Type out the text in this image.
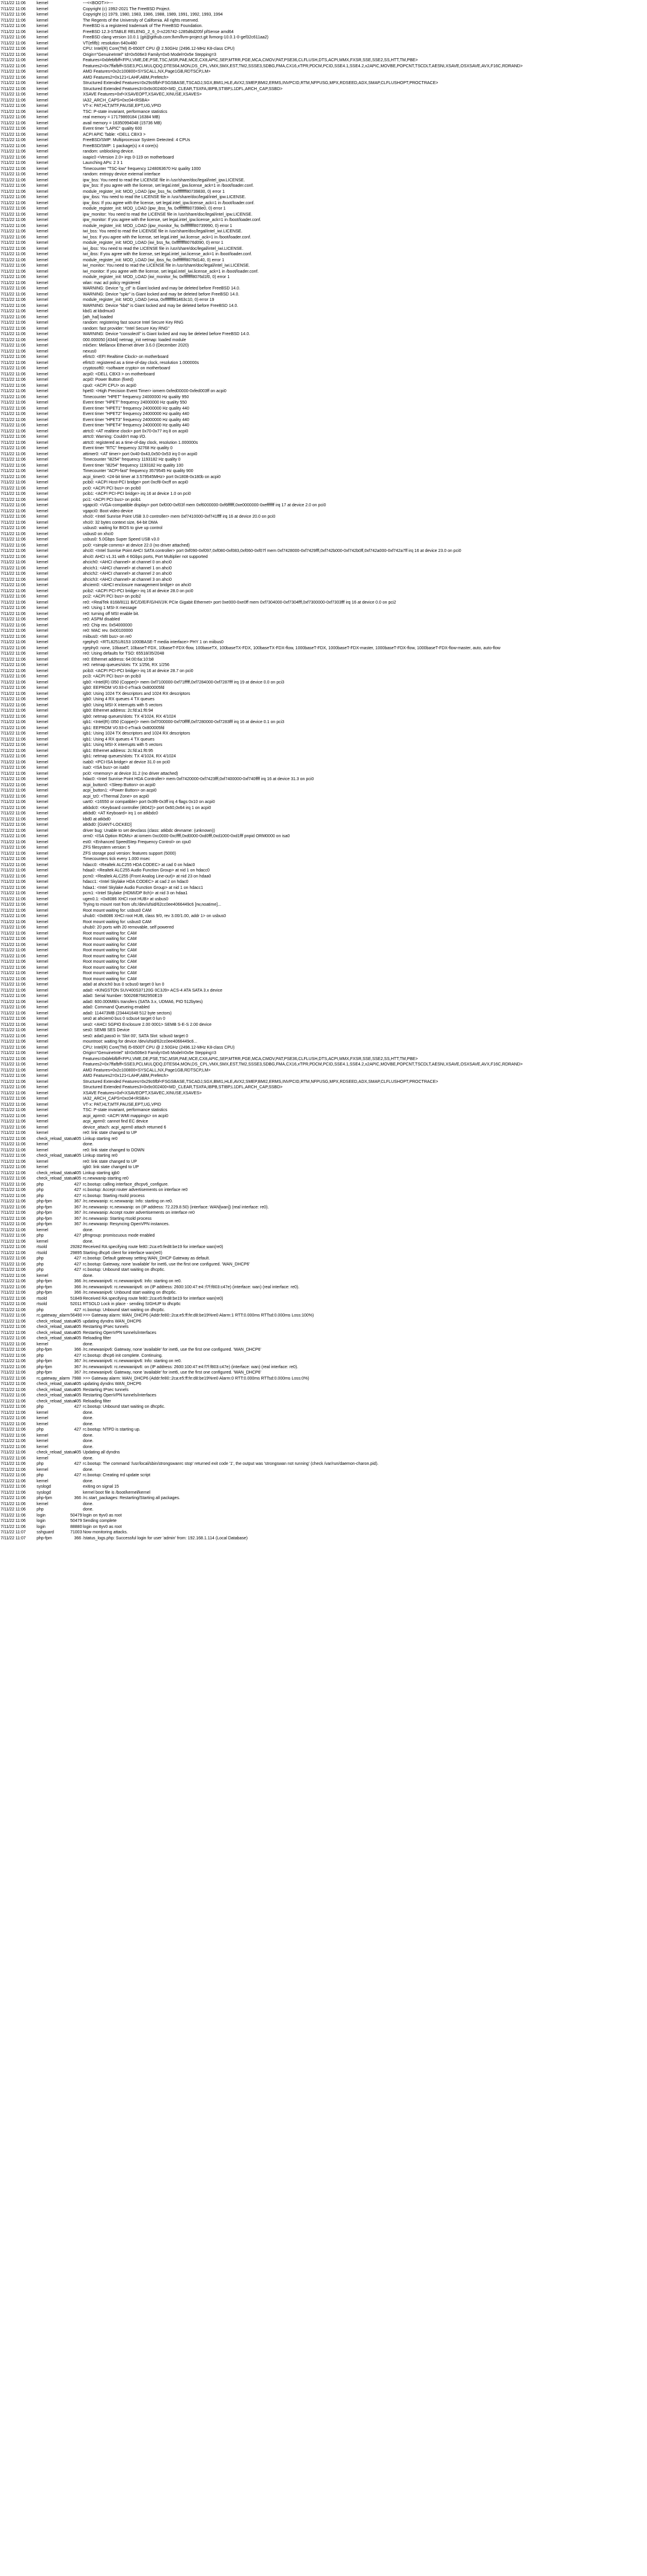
7/11/22 11:06	kernel	---<<BOOT>>---
7/11/22 11:06	kernel	Copyright (c) 1992-2021 The FreeBSD Project.
7/11/22 11:06	kernel	Copyright (c) 1979, 1980, 1983, 1986, 1988, 1989, 1991, 1992, 1993, 1994
7/11/22 11:06	kernel	The Regents of the University of California. All rights reserved.
7/11/22 11:06	kernel	FreeBSD is a registered trademark of The FreeBSD Foundation.
7/11/22 11:06	kernel	FreeBSD 12.3-STABLE RELENG_2_6_0-n226742-1285d6d205f pfSense amd64
7/11/22 11:06	kernel	FreeBSD clang version 10.0.1 (git@github.com:llvm/llvm-project.git llvmorg-10.0.1-0-gef32c611aa2)
7/11/22 11:06	kernel	VT(efifb): resolution 640x480
7/11/22 11:06	kernel	CPU: Intel(R) Core(TM) i5-6500T CPU @ 2.50GHz (2496.12-MHz K8-class CPU)
7/11/22 11:06	kernel	Origin="GenuineIntel" Id=0x506e3 Family=0x6 Model=0x5e Stepping=3
7/11/22 11:06	kernel	Features=0xbfebfbff<FPU,VME,DE,PSE,TSC,MSR,PAE,MCE,CX8,APIC,SEP,MTRR,PGE,MCA,CMOV,PAT,PSE36,CLFLUSH,DTS,ACPI,MMX,FXSR,SSE,SSE2,SS,HTT,TM,PBE>
7/11/22 11:06	kernel	Features2=0x7ffafbff<SSE3,PCLMULQDQ,DTES64,MON,DS_CPL,VMX,SMX,EST,TM2,SSSE3,SDBG,FMA,CX16,xTPR,PDCM,PCID,SSE4.1,SSE4.2,x2APIC,MOVBE,POPCNT,TSCDLT,AESNI,XSAVE,OSXSAVE,AVX,F16C,RDRAND>
7/11/22 11:06	kernel	AMD Features=0x2c100800<SYSCALL,NX,Page1GB,RDTSCP,LM>
7/11/22 11:06	kernel	AMD Features2=0x121<LAHF,ABM,Prefetch>
7/11/22 11:06	kernel	Structured Extended Features=0x29c6fbf<FSGSBASE,TSCADJ,SGX,BMI1,HLE,AVX2,SMEP,BMI2,ERMS,INVPCID,RTM,NFPUSG,MPX,RDSEED,ADX,SMAP,CLFLUSHOPT,PROCTRACE>
7/11/22 11:06	kernel	Structured Extended Features3=0x9c002400<MD_CLEAR,TSXFA,IBPB,STIBP,L1DFL,ARCH_CAP,SSBD>
7/11/22 11:06	kernel	XSAVE Features=0xf<XSAVEOPT,XSAVEC,XINUSE,XSAVES>
7/11/22 11:06	kernel	IA32_ARCH_CAPS=0xc04<RSBA>
7/11/22 11:06	kernel	VT-x: PAT,HLT,MTF,PAUSE,EPT,UG,VPID
7/11/22 11:06	kernel	TSC: P-state invariant, performance statistics
7/11/22 11:06	kernel	real memory = 17179869184 (16384 MB)
7/11/22 11:06	kernel	avail memory = 16350994048 (15736 MB)
7/11/22 11:06	kernel	Event timer "LAPIC" quality 600
7/11/22 11:06	kernel	ACPI APIC Table: <DELL CBX3 >
7/11/22 11:06	kernel	FreeBSD/SMP: Multiprocessor System Detected: 4 CPUs
7/11/22 11:06	kernel	FreeBSD/SMP: 1 package(s) x 4 core(s)
7/11/22 11:06	kernel	random: unblocking device.
7/11/22 11:06	kernel	ioapic0 <Version 2.0> irqs 0-119 on motherboard
7/11/22 11:06	kernel	Launching APs: 2 3 1
7/11/22 11:06	kernel	Timecounter "TSC-low" frequency 1248063670 Hz quality 1000
7/11/22 11:06	kernel	random: entropy device external interface
7/11/22 11:06	kernel	ipw_bss: You need to read the LICENSE file in /usr/share/doc/legal/intel_ipw.LICENSE.
7/11/22 11:06	kernel	ipw_bss: If you agree with the license, set legal.intel_ipw.license_ack=1 in /boot/loader.conf.
7/11/22 11:06	kernel	module_register_init: MOD_LOAD (ipw_bss_fw, 0xffffffff80739830, 0) error 1
7/11/22 11:06	kernel	ipw_ibss: You need to read the LICENSE file in /usr/share/doc/legal/intel_ipw.LICENSE.
7/11/22 11:06	kernel	ipw_ibss: If you agree with the license, set legal.intel_ipw.license_ack=1 in /boot/loader.conf.
7/11/22 11:06	kernel	module_register_init: MOD_LOAD (ipw_ibss_fw, 0xffffffff807398e0, 0) error 1
7/11/22 11:06	kernel	ipw_monitor: You need to read the LICENSE file in /usr/share/doc/legal/intel_ipw.LICENSE.
7/11/22 11:06	kernel	ipw_monitor: If you agree with the license, set legal.intel_ipw.license_ack=1 in /boot/loader.conf.
7/11/22 11:06	kernel	module_register_init: MOD_LOAD (ipw_monitor_fw, 0xffffffff80739990, 0) error 1
7/11/22 11:06	kernel	iwi_bss: You need to read the LICENSE file in /usr/share/doc/legal/intel_iwi.LICENSE.
7/11/22 11:06	kernel	iwi_bss: If you agree with the license, set legal.intel_iwi.license_ack=1 in /boot/loader.conf.
7/11/22 11:06	kernel	module_register_init: MOD_LOAD (iwi_bss_fw, 0xffffffff8076d090, 0) error 1
7/11/22 11:06	kernel	iwi_ibss: You need to read the LICENSE file in /usr/share/doc/legal/intel_iwi.LICENSE.
7/11/22 11:06	kernel	iwi_ibss: If you agree with the license, set legal.intel_iwi.license_ack=1 in /boot/loader.conf.
7/11/22 11:06	kernel	module_register_init: MOD_LOAD (iwi_ibss_fw, 0xffffffff8076d140, 0) error 1
7/11/22 11:06	kernel	iwi_monitor: You need to read the LICENSE file in /usr/share/doc/legal/intel_iwi.LICENSE.
7/11/22 11:06	kernel	iwi_monitor: If you agree with the license, set legal.intel_iwi.license_ack=1 in /boot/loader.conf.
7/11/22 11:06	kernel	module_register_init: MOD_LOAD (iwi_monitor_fw, 0xffffffff8076d1f0, 0) error 1
7/11/22 11:06	kernel	wlan: mac acl policy registered
7/11/22 11:06	kernel	WARNING: Device "g_ctl" is Giant locked and may be deleted before FreeBSD 14.0.
7/11/22 11:06	kernel	WARNING: Device "spkr" is Giant locked and may be deleted before FreeBSD 14.0.
7/11/22 11:06	kernel	module_register_init: MOD_LOAD (vesa, 0xffffffff81463c10, 0) error 19
7/11/22 11:06	kernel	WARNING: Device "kbd" is Giant locked and may be deleted before FreeBSD 14.0.
7/11/22 11:06	kernel	kbd1 at kbdmux0
7/11/22 11:06	kernel	[ath_hal] loaded
7/11/22 11:06	kernel	random: registering fast source Intel Secure Key RNG
7/11/22 11:06	kernel	random: fast provider: "Intel Secure Key RNG"
7/11/22 11:06	kernel	WARNING: Device "consolectl" is Giant locked and may be deleted before FreeBSD 14.0.
7/11/22 11:06	kernel	000.000050 [4344] netmap_init netmap: loaded module
7/11/22 11:06	kernel	mlx5en: Mellanox Ethernet driver 3.6.0 (December 2020)
7/11/22 11:06	kernel	nexus0
7/11/22 11:06	kernel	efirtc0: <EFI Realtime Clock> on motherboard
7/11/22 11:06	kernel	efirtc0: registered as a time-of-day clock, resolution 1.000000s
7/11/22 11:06	kernel	cryptosoft0: <software crypto> on motherboard
7/11/22 11:06	kernel	acpi0: <DELL CBX3 > on motherboard
7/11/22 11:06	kernel	acpi0: Power Button (fixed)
7/11/22 11:06	kernel	cpu0: <ACPI CPU> on acpi0
7/11/22 11:06	kernel	hpet0: <High Precision Event Timer> iomem 0xfed00000-0xfed003ff on acpi0
7/11/22 11:06	kernel	Timecounter "HPET" frequency 24000000 Hz quality 950
7/11/22 11:06	kernel	Event timer "HPET" frequency 24000000 Hz quality 550
7/11/22 11:06	kernel	Event timer "HPET1" frequency 24000000 Hz quality 440
7/11/22 11:06	kernel	Event timer "HPET2" frequency 24000000 Hz quality 440
7/11/22 11:06	kernel	Event timer "HPET3" frequency 24000000 Hz quality 440
7/11/22 11:06	kernel	Event timer "HPET4" frequency 24000000 Hz quality 440
7/11/22 11:06	kernel	atrtc0: <AT realtime clock> port 0x70-0x77 irq 8 on acpi0
7/11/22 11:06	kernel	atrtc0: Warning: Couldn't map I/O.
7/11/22 11:06	kernel	atrtc0: registered as a time-of-day clock, resolution 1.000000s
7/11/22 11:06	kernel	Event timer "RTC" frequency 32768 Hz quality 0
7/11/22 11:06	kernel	attimer0: <AT timer> port 0x40-0x43,0x50-0x53 irq 0 on acpi0
7/11/22 11:06	kernel	Timecounter "i8254" frequency 1193182 Hz quality 0
7/11/22 11:06	kernel	Event timer "i8254" frequency 1193182 Hz quality 100
7/11/22 11:06	kernel	Timecounter "ACPI-fast" frequency 3579545 Hz quality 900
7/11/22 11:06	kernel	acpi_timer0: <24-bit timer at 3.579545MHz> port 0x1808-0x180b on acpi0
7/11/22 11:06	kernel	pcib0: <ACPI Host-PCI bridge> port 0xcf8-0xcff on acpi0
7/11/22 11:06	kernel	pci0: <ACPI PCI bus> on pcib0
7/11/22 11:06	kernel	pcib1: <ACPI PCI-PCI bridge> irq 16 at device 1.0 on pci0
7/11/22 11:06	kernel	pci1: <ACPI PCI bus> on pcib1
7/11/22 11:06	kernel	vgapci0: <VGA-compatible display> port 0xf000-0xf03f mem 0xf6000000-0xf6ffffff,0xe0000000-0xefffffff irq 17 at device 2.0 on pci0
7/11/22 11:06	kernel	vgapci0: Boot video device
7/11/22 11:06	kernel	xhci0: <Intel Sunrise Point USB 3.0 controller> mem 0xf7410000-0xf741ffff irq 16 at device 20.0 on pci0
7/11/22 11:06	kernel	xhci0: 32 bytes context size, 64-bit DMA
7/11/22 11:06	kernel	usbus0: waiting for BIOS to give up control
7/11/22 11:06	kernel	usbus0 on xhci0
7/11/22 11:06	kernel	usbus0: 5.0Gbps Super Speed USB v3.0
7/11/22 11:06	kernel	pci0: <simple comms> at device 22.0 (no driver attached)
7/11/22 11:06	kernel	ahci0: <Intel Sunrise Point AHCI SATA controller> port 0xf090-0xf097,0xf080-0xf083,0xf060-0xf07f mem 0xf7428000-0xf7429fff,0xf742b000-0xf742b0ff,0xf742a000-0xf742a7ff irq 16 at device 23.0 on pci0
7/11/22 11:06	kernel	ahci0: AHCI v1.31 with 4 6Gbps ports, Port Multiplier not supported
7/11/22 11:06	kernel	ahcich0: <AHCI channel> at channel 0 on ahci0
7/11/22 11:06	kernel	ahcich1: <AHCI channel> at channel 1 on ahci0
7/11/22 11:06	kernel	ahcich2: <AHCI channel> at channel 2 on ahci0
7/11/22 11:06	kernel	ahcich3: <AHCI channel> at channel 3 on ahci0
7/11/22 11:06	kernel	ahciem0: <AHCI enclosure management bridge> on ahci0
7/11/22 11:06	kernel	pcib2: <ACPI PCI-PCI bridge> irq 16 at device 28.0 on pci0
7/11/22 11:06	kernel	pci2: <ACPI PCI bus> on pcib2
7/11/22 11:06	kernel	re0: <RealTek 8168/8111 B/C/D/E/F/G/H/I/J/K PCIe Gigabit Ethernet> port 0xe000-0xe0ff mem 0xf7304000-0xf7304fff,0xf7300000-0xf7303fff irq 16 at device 0.0 on pci2
7/11/22 11:06	kernel	re0: Using 1 MSI-X message
7/11/22 11:06	kernel	re0: turning off MSI enable bit.
7/11/22 11:06	kernel	re0: ASPM disabled
7/11/22 11:06	kernel	re0: Chip rev. 0x54000000
7/11/22 11:06	kernel	re0: MAC rev. 0x00100000
7/11/22 11:06	kernel	miibus0: <MII bus> on re0
7/11/22 11:06	kernel	rgephy0: <RTL8251/8153 1000BASE-T media interface> PHY 1 on miibus0
7/11/22 11:06	kernel	rgephy0: none, 10baseT, 10baseT-FDX, 10baseT-FDX-flow, 100baseTX, 100baseTX-FDX, 100baseTX-FDX-flow, 1000baseT-FDX, 1000baseT-FDX-master, 1000baseT-FDX-flow, 1000baseT-FDX-flow-master, auto, auto-flow
7/11/22 11:06	kernel	re0: Using defaults for TSO: 65518/35/2048
7/11/22 11:06	kernel	re0: Ethernet address: 64:00:6a:10:b8
7/11/22 11:06	kernel	re0: netmap queues/slots: TX 1/256, RX 1/256
7/11/22 11:06	kernel	pcib3: <ACPI PCI-PCI bridge> irq 16 at device 28.7 on pci0
7/11/22 11:06	kernel	pci3: <ACPI PCI bus> on pcib3
7/11/22 11:06	kernel	igb0: <Intel(R) I350 (Copper)> mem 0xf7100000-0xf71fffff,0xf7284000-0xf7287fff irq 19 at device 0.0 on pci3
7/11/22 11:06	kernel	igb0: EEPROM V0.93-0 eTrack 0x800005fd
7/11/22 11:06	kernel	igb0: Using 1024 TX descriptors and 1024 RX descriptors
7/11/22 11:06	kernel	igb0: Using 4 RX queues 4 TX queues
7/11/22 11:06	kernel	igb0: Using MSI-X interrupts with 5 vectors
7/11/22 11:06	kernel	igb0: Ethernet address: 2c:fd:a1:f6:94
7/11/22 11:06	kernel	igb0: netmap queues/slots: TX 4/1024, RX 4/1024
7/11/22 11:06	kernel	igb1: <Intel(R) I350 (Copper)> mem 0xf7000000-0xf70fffff,0xf7280000-0xf7283fff irq 16 at device 0.1 on pci3
7/11/22 11:06	kernel	igb1: EEPROM V0.93-0 eTrack 0x800005fd
7/11/22 11:06	kernel	igb1: Using 1024 TX descriptors and 1024 RX descriptors
7/11/22 11:06	kernel	igb1: Using 4 RX queues 4 TX queues
7/11/22 11:06	kernel	igb1: Using MSI-X interrupts with 5 vectors
7/11/22 11:06	kernel	igb1: Ethernet address: 2c:fd:a1:f6:95
7/11/22 11:06	kernel	igb1: netmap queues/slots: TX 4/1024, RX 4/1024
7/11/22 11:06	kernel	isab0: <PCI-ISA bridge> at device 31.0 on pci0
7/11/22 11:06	kernel	isa0: <ISA bus> on isab0
7/11/22 11:06	kernel	pci0: <memory> at device 31.2 (no driver attached)
7/11/22 11:06	kernel	hdac0: <Intel Sunrise Point HDA Controller> mem 0xf7420000-0xf7423fff,0xf7400000-0xf740ffff irq 16 at device 31.3 on pci0
7/11/22 11:06	kernel	acpi_button0: <Sleep Button> on acpi0
7/11/22 11:06	kernel	acpi_button1: <Power Button> on acpi0
7/11/22 11:06	kernel	acpi_tz0: <Thermal Zone> on acpi0
7/11/22 11:06	kernel	uart0: <16550 or compatible> port 0x3f8-0x3ff irq 4 flags 0x10 on acpi0
7/11/22 11:06	kernel	atkbdc0: <Keyboard controller (i8042)> port 0x60,0x64 irq 1 on acpi0
7/11/22 11:06	kernel	atkbd0: <AT Keyboard> irq 1 on atkbdc0
7/11/22 11:06	kernel	kbd0 at atkbd0
7/11/22 11:06	kernel	atkbd0: [GIANT-LOCKED]
7/11/22 11:06	kernel	driver bug: Unable to set devclass (class: atkbdc devname: (unknown))
7/11/22 11:06	kernel	orm0: <ISA Option ROMs> at iomem 0xc0000-0xcffff,0xd0000-0xd0fff,0xd1000-0xd1fff pnpid ORM0000 on isa0
7/11/22 11:06	kernel	est0: <Enhanced SpeedStep Frequency Control> on cpu0
7/11/22 11:06	kernel	ZFS filesystem version: 5
7/11/22 11:06	kernel	ZFS storage pool version: features support (5000)
7/11/22 11:06	kernel	Timecounters tick every 1.000 msec
7/11/22 11:06	kernel	hdacc0: <Realtek ALC255 HDA CODEC> at cad 0 on hdac0
7/11/22 11:06	kernel	hdaa0: <Realtek ALC255 Audio Function Group> at nid 1 on hdacc0
7/11/22 11:06	kernel	pcm0: <Realtek ALC255 (Front Analog Line-out)> at nid 23 on hdaa0
7/11/22 11:06	kernel	hdacc1: <Intel Skylake HDA CODEC> at cad 2 on hdac0
7/11/22 11:06	kernel	hdaa1: <Intel Skylake Audio Function Group> at nid 1 on hdacc1
7/11/22 11:06	kernel	pcm1: <Intel Skylake (HDMI/DP 8ch)> at nid 3 on hdaa1
7/11/22 11:06	kernel	ugen0.1: <0x8086 XHCI root HUB> at usbus0
7/11/22 11:06	kernel	Trying to mount root from ufs:/dev/ufsid/62cc0ee4066449c6 [rw,noatime]...
7/11/22 11:06	kernel	Root mount waiting for: usbus0 CAM
7/11/22 11:06	kernel	uhub0: <0x8086 XHCI root HUB, class 9/0, rev 3.00/1.00, addr 1> on usbus0
7/11/22 11:06	kernel	Root mount waiting for: usbus0 CAM
7/11/22 11:06	kernel	uhub0: 20 ports with 20 removable, self powered
7/11/22 11:06	kernel	Root mount waiting for: CAM
7/11/22 11:06	kernel	Root mount waiting for: CAM
7/11/22 11:06	kernel	Root mount waiting for: CAM
7/11/22 11:06	kernel	Root mount waiting for: CAM
7/11/22 11:06	kernel	Root mount waiting for: CAM
7/11/22 11:06	kernel	Root mount waiting for: CAM
7/11/22 11:06	kernel	Root mount waiting for: CAM
7/11/22 11:06	kernel	Root mount waiting for: CAM
7/11/22 11:06	kernel	Root mount waiting for: CAM
7/11/22 11:06	kernel	ada0 at ahcich0 bus 0 scbus0 target 0 lun 0
7/11/22 11:06	kernel	ada0: <KINGSTON SUV400S37120G 0C3J9> ACS-4 ATA SATA 3.x device
7/11/22 11:06	kernel	ada0: Serial Number: 50026B7682950E19
7/11/22 11:06	kernel	ada0: 600.000MB/s transfers (SATA 3.x, UDMA6, PIO 512bytes)
7/11/22 11:06	kernel	ada0: Command Queueing enabled
7/11/22 11:06	kernel	ada0: 114473MB (234441648 512 byte sectors)
7/11/22 11:06	kernel	ses0 at ahciem0 bus 0 scbus4 target 0 lun 0
7/11/22 11:06	kernel	ses0: <AHCI SGPIO Enclosure 2.00 0001> SEMB S-E-S 2.00 device
7/11/22 11:06	kernel	ses0: SEMB SES Device
7/11/22 11:06	kernel	ses0: ada0,pass0 in 'Slot 00', SATA Slot: scbus0 target 0
7/11/22 11:06	kernel	mountroot: waiting for device /dev/ufsid/62cc0ee4066449c6...
7/11/22 11:06	kernel	CPU: Intel(R) Core(TM) i5-6500T CPU @ 2.50GHz (2496.12-MHz K8-class CPU)
7/11/22 11:06	kernel	Origin="GenuineIntel" Id=0x506e3 Family=0x6 Model=0x5e Stepping=3
7/11/22 11:06	kernel	Features=0xbfebfbff<FPU,VME,DE,PSE,TSC,MSR,PAE,MCE,CX8,APIC,SEP,MTRR,PGE,MCA,CMOV,PAT,PSE36,CLFLUSH,DTS,ACPI,MMX,FXSR,SSE,SSE2,SS,HTT,TM,PBE>
7/11/22 11:06	kernel	Features2=0x7ffafbff<SSE3,PCLMULQDQ,DTES64,MON,DS_CPL,VMX,SMX,EST,TM2,SSSE3,SDBG,FMA,CX16,xTPR,PDCM,PCID,SSE4.1,SSE4.2,x2APIC,MOVBE,POPCNT,TSCDLT,AESNI,XSAVE,OSXSAVE,AVX,F16C,RDRAND>
7/11/22 11:06	kernel	AMD Features=0x2c100800<SYSCALL,NX,Page1GB,RDTSCP,LM>
7/11/22 11:06	kernel	AMD Features2=0x121<LAHF,ABM,Prefetch>
7/11/22 11:06	kernel	Structured Extended Features=0x29c6fbf<FSGSBASE,TSCADJ,SGX,BMI1,HLE,AVX2,SMEP,BMI2,ERMS,INVPCID,RTM,NFPUSG,MPX,RDSEED,ADX,SMAP,CLFLUSHOPT,PROCTRACE>
7/11/22 11:06	kernel	Structured Extended Features3=0x9c002400<MD_CLEAR,TSXFA,IBPB,STIBP,L1DFL,ARCH_CAP,SSBD>
7/11/22 11:06	kernel	XSAVE Features=0xf<XSAVEOPT,XSAVEC,XINUSE,XSAVES>
7/11/22 11:06	kernel	IA32_ARCH_CAPS=0xc04<RSBA>
7/11/22 11:06	kernel	VT-x: PAT,HLT,MTF,PAUSE,EPT,UG,VPID
7/11/22 11:06	kernel	TSC: P-state invariant, performance statistics
7/11/22 11:06	kernel	acpi_aprm0: <ACPI WMI mappings> on acpi0
7/11/22 11:06	kernel	acpi_aprm0: cannot find EC device
7/11/22 11:06	kernel	device_attach: acpi_aprm0 attach returned 6
7/11/22 11:06	kernel	re0: link state changed to UP
7/11/22 11:06	check_reload_status
405 Linkup starting re0
7/11/22 11:06	kernel	done.
7/11/22 11:06	kernel	re0: link state changed to DOWN
7/11/22 11:06	check_reload_status
405 Linkup starting re0
7/11/22 11:06	kernel	re0: link state changed to UP
7/11/22 11:06	kernel	igb0: link state changed to UP
7/11/22 11:06	check_reload_status
405 Linkup starting igb0
7/11/22 11:06	check_reload_status
405 rc.newwanip starting re0
7/11/22 11:06	php	427 rc.bootup: calling interface_dhcpv6_configure.
7/11/22 11:06	php	427 rc.bootup: Accept router advertisements on interface re0
7/11/22 11:06	php	427 rc.bootup: Starting rtsold process
7/11/22 11:06	php-fpm	367 /rc.newwanip: rc.newwanip: Info: starting on re0.
7/11/22 11:06	php-fpm	367 /rc.newwanip: rc.newwanip: on (IP address: 72.229.8.50) (interface: WAN[wan]) (real interface: re0).
7/11/22 11:06	php-fpm	367 /rc.newwanip: Accept router advertisements on interface re0
7/11/22 11:06	php-fpm	367 /rc.newwanip: Starting rtsold process
7/11/22 11:06	php-fpm	367 /rc.newwanip: Resyncing OpenVPN instances.
7/11/22 11:06	kernel	done.
7/11/22 11:06	php	427 pfmgroup: promiscuous mode enabled
7/11/22 11:06	kernel	done.
7/11/22 11:06	rtsold	29282 Received RA specifying route fe80::2ca:e5:fed8:be19 for interface wan(re0)
7/11/22 11:06	rtsold	29895 Starting dhcp6 client for interface wan(re0)
7/11/22 11:06	php	427 rc.bootup: Default gateway setting WAN_DHCP Gateway as default.
7/11/22 11:06	php	427 rc.bootup: Gateway, none 'available' for inet6, use the first one configured. 'WAN_DHCP6'
7/11/22 11:06	php	427 rc.bootup: Unbound start waiting on dhcp6c.
7/11/22 11:06	kernel	done.
7/11/22 11:06	php-fpm	366 /rc.newwanipv6: rc.newwanipv6: Info: starting on re0.
7/11/22 11:06	php-fpm	366 /rc.newwanipv6: rc.newwanipv6: on (IP address: 2600:100:47:e4::f7f:f803:c47e) (interface: wan) (real interface: re0).
7/11/22 11:06	php-fpm	366 /rc.newwanipv6: Unbound start waiting on dhcp6c.
7/11/22 11:06	rtsold	51849 Received RA specifying route fe80::2ca:e5:fed8:be19 for interface wan(re0)
7/11/22 11:06	rtsold	52011 RTSOLD Lock in place - sending SIGHUP to dhcp6c
7/11/22 11:06	php	427 rc.bootup: Unbound start waiting on dhcp6c.
7/11/22 11:06	rc.gateway_alarm 56490 >>> Gateway alarm: WAN_DHCP6 (Addr:fe80::2ca:e5:ff:fe:d8:be19%re0 Alarm:1 RTT:0.000ms RTTsd:0.000ms Loss:100%)
7/11/22 11:06	check_reload_status
405 updating dyndns WAN_DHCP6
7/11/22 11:06	check_reload_status
405 Restarting IPsec tunnels
7/11/22 11:06	check_reload_status
405 Restarting OpenVPN tunnels/interfaces
7/11/22 11:06	check_reload_status
405 Reloading filter
7/11/22 11:06	kernel	done.
7/11/22 11:06	php-fpm	366 /rc.newwanipv6: Gateway, none 'available' for inet6, use the first one configured. 'WAN_DHCP6'
7/11/22 11:06	php	427 rc.bootup: dhcp6 init complete. Continuing.
7/11/22 11:06	php-fpm	367 /rc.newwanipv6: rc.newwanipv6: Info: starting on re0.
7/11/22 11:06	php-fpm	367 /rc.newwanipv6: rc.newwanipv6: on (IP address: 2600:100:47:e4:f7f:f803:c47e) (interface: wan) (real interface: re0).
7/11/22 11:06	php-fpm	367 /rc.newwanipv6: Gateway, none 'available' for inet6, use the first one configured. 'WAN_DHCP6'
7/11/22 11:06	rc.gateway_alarm 7988 >>> Gateway alarm: WAN_DHCP6 (Addr:fe80::2ca:e5:ff:fe:d8:be19%re0 Alarm:0 RTT:0.000ms RTTsd:0.000ms Loss:0%)
7/11/22 11:06	check_reload_status
405 updating dyndns WAN_DHCP6
7/11/22 11:06	check_reload_status
405 Restarting IPsec tunnels
7/11/22 11:06	check_reload_status
405 Restarting OpenVPN tunnels/interfaces
7/11/22 11:06	check_reload_status
405 Reloading filter
7/11/22 11:06	php	427 rc.bootup: Unbound start waiting on dhcp6c.
7/11/22 11:06	kernel	done.
7/11/22 11:06	kernel	done.
7/11/22 11:06	kernel	done.
7/11/22 11:06	php	427 rc.bootup: NTPD is starting up.
7/11/22 11:06	kernel	done.
7/11/22 11:06	kernel	done.
7/11/22 11:06	kernel	done.
7/11/22 11:06	check_reload_status
405 Updating all dyndns
7/11/22 11:06	kernel	done.
7/11/22 11:06	php	427 rc.bootup: The command '/usr/local/sbin/strongswanrc stop' returned exit code '1', the output was 'strongswan not running' (check /var/run/daemon-charon.pid).
7/11/22 11:06	kernel	done.
7/11/22 11:06	php	427 rc.bootup: Creating rrd update script
7/11/22 11:06	kernel	done.
7/11/22 11:06	syslogd	exiting on signal 15
7/11/22 11:06	syslogd	kernel boot file is /boot/kernel/kernel
7/11/22 11:06	php-fpm	366 /rc.start_packages: Restarting/Starting all packages.
7/11/22 11:06	kernel	done.
7/11/22 11:06	php	done.
7/11/22 11:06	login	50479 login on ttyv0 as root
7/11/22 11:06	login	50479 Sending complete
7/11/22 11:06	login	88880 login on ttyv0 as root
7/11/22 11:07	sshguard	71003 Now monitoring attacks.
7/11/22 11:07	php-fpm	366 /status_logs.php: Successful login for user 'admin' from: 192.168.1.114 (Local Database)
